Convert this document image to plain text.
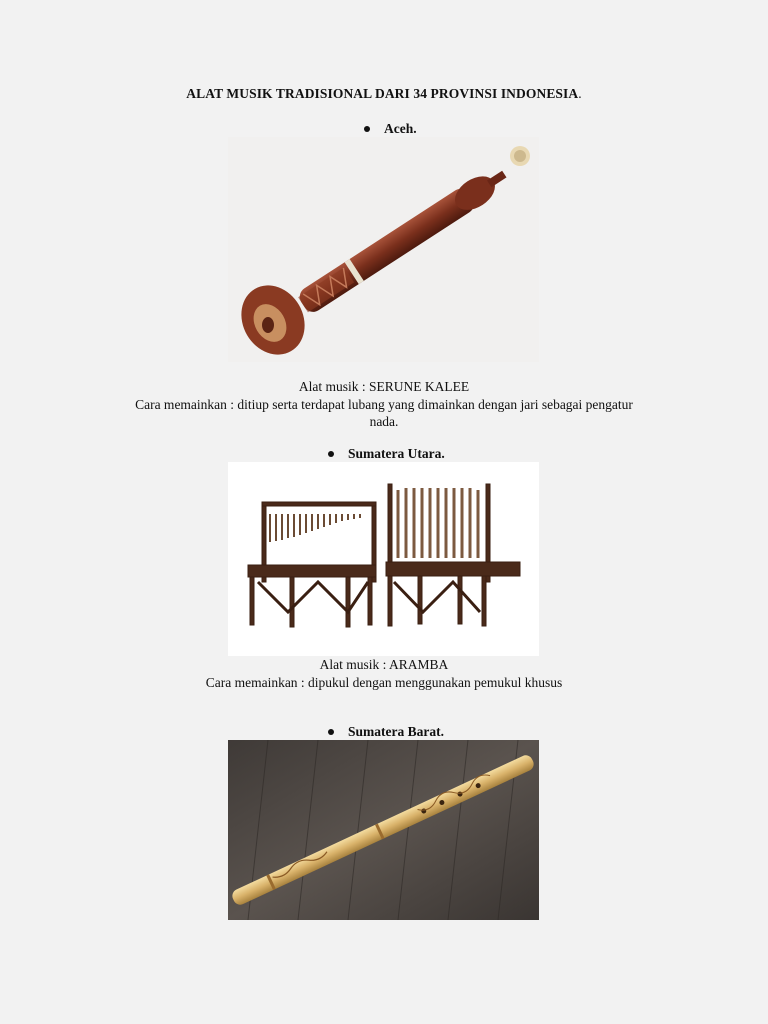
ALAT MUSIK TRADISIONAL DARI 34 PROVINSI INDONESIA.
Aceh.
Alat musik : SERUNE KALEE
Cara memainkan : ditiup serta terdapat lubang yang dimainkan dengan jari sebagai pengatur
nada.
Sumatera Utara.
Alat musik : ARAMBA
Cara memainkan : dipukul dengan menggunakan pemukul khusus
Sumatera Barat.
